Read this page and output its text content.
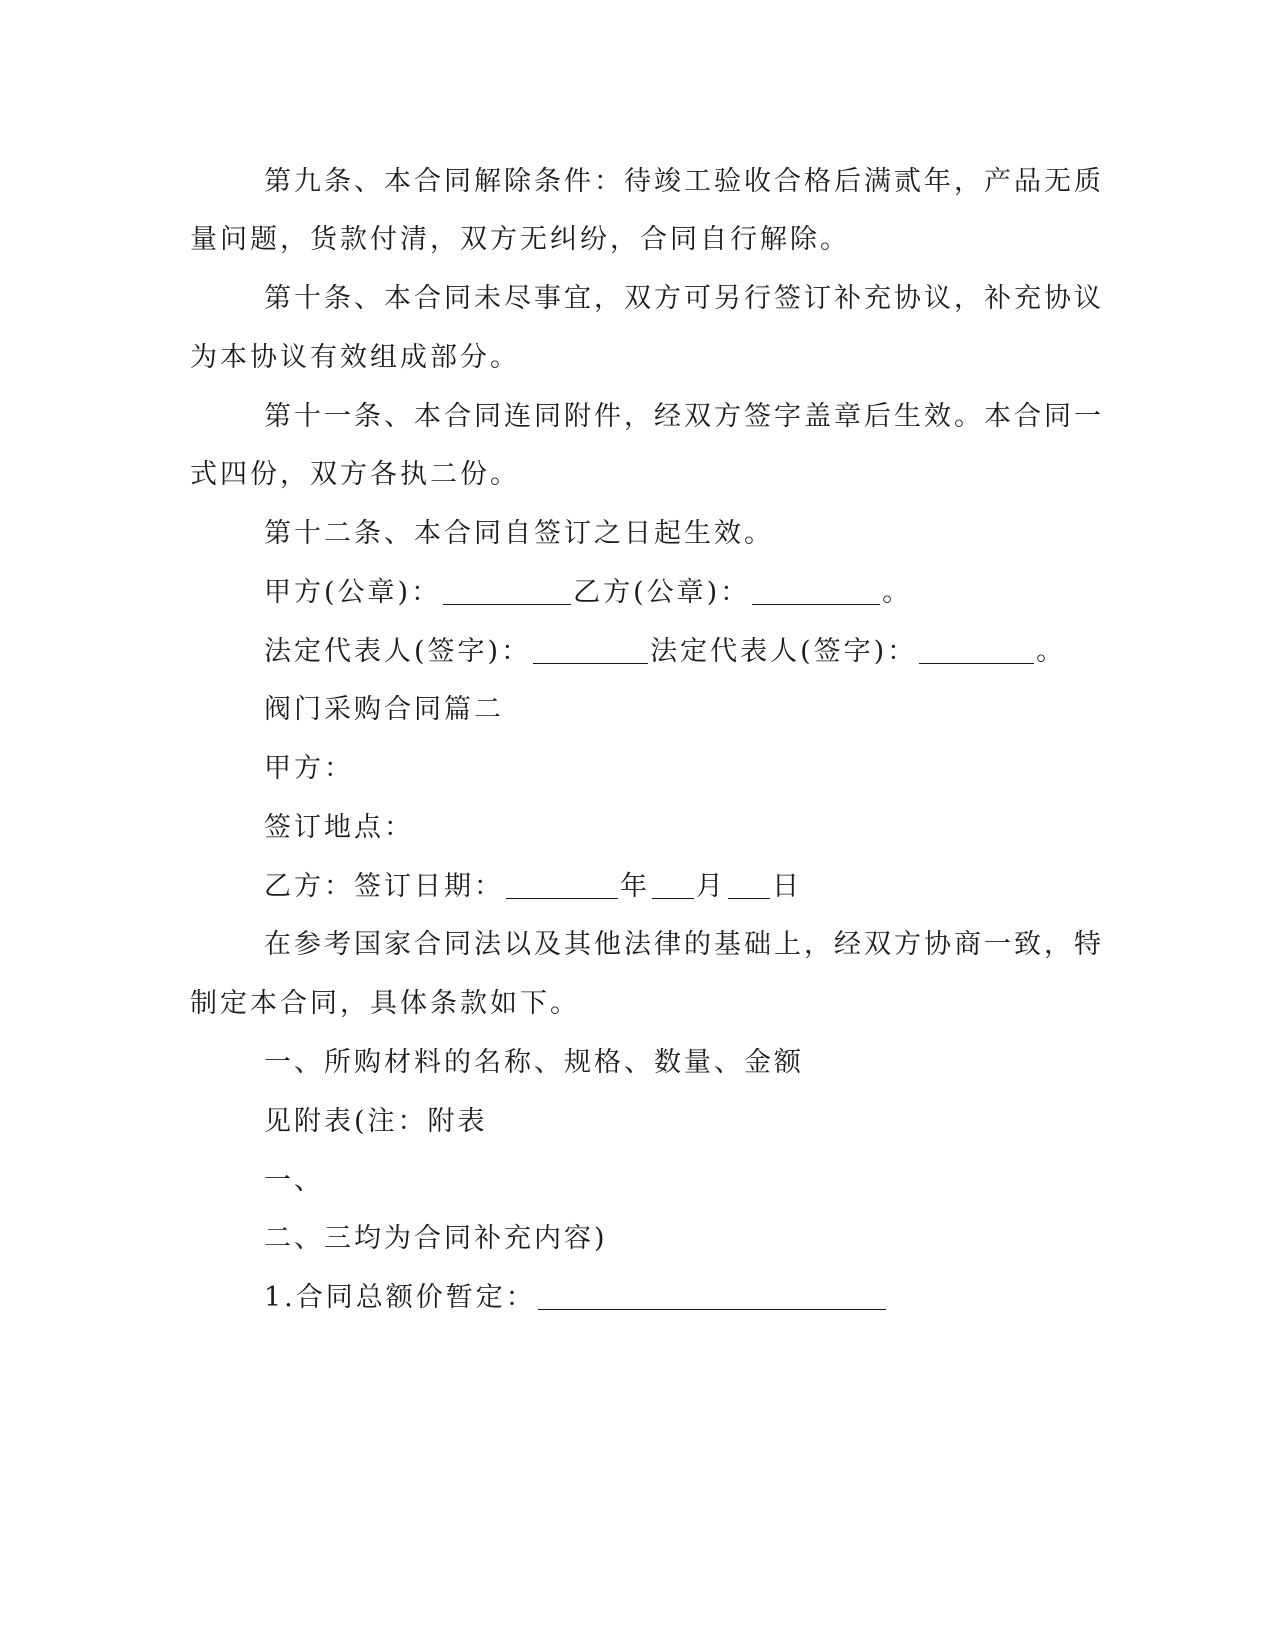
第九条、本合同解除条件：待竣工验收合格后满贰年，产品无质
量问题，货款付清，双方无纠纷，合同自行解除。
第十条、本合同未尽事宜，双方可另行签订补充协议，补充协议
为本协议有效组成部分。
第十一条、本合同连同附件，经双方签字盖章后生效。本合同一
式四份，双方各执二份。
第十二条、本合同自签订之日起生效。
甲方(公章)：	乙方(公章)：	。
法定代表人(签字)：	法定代表人(签字)：	。
阀门采购合同篇二
甲方：
签订地点：
乙方：签订日期：	年 月 日
在参考国家合同法以及其他法律的基础上，经双方协商一致，特
制定本合同，具体条款如下。
一、所购材料的名称、规格、数量、金额
见附表(注：附表
一、
二、三均为合同补充内容)
1.合同总额价暂定：
